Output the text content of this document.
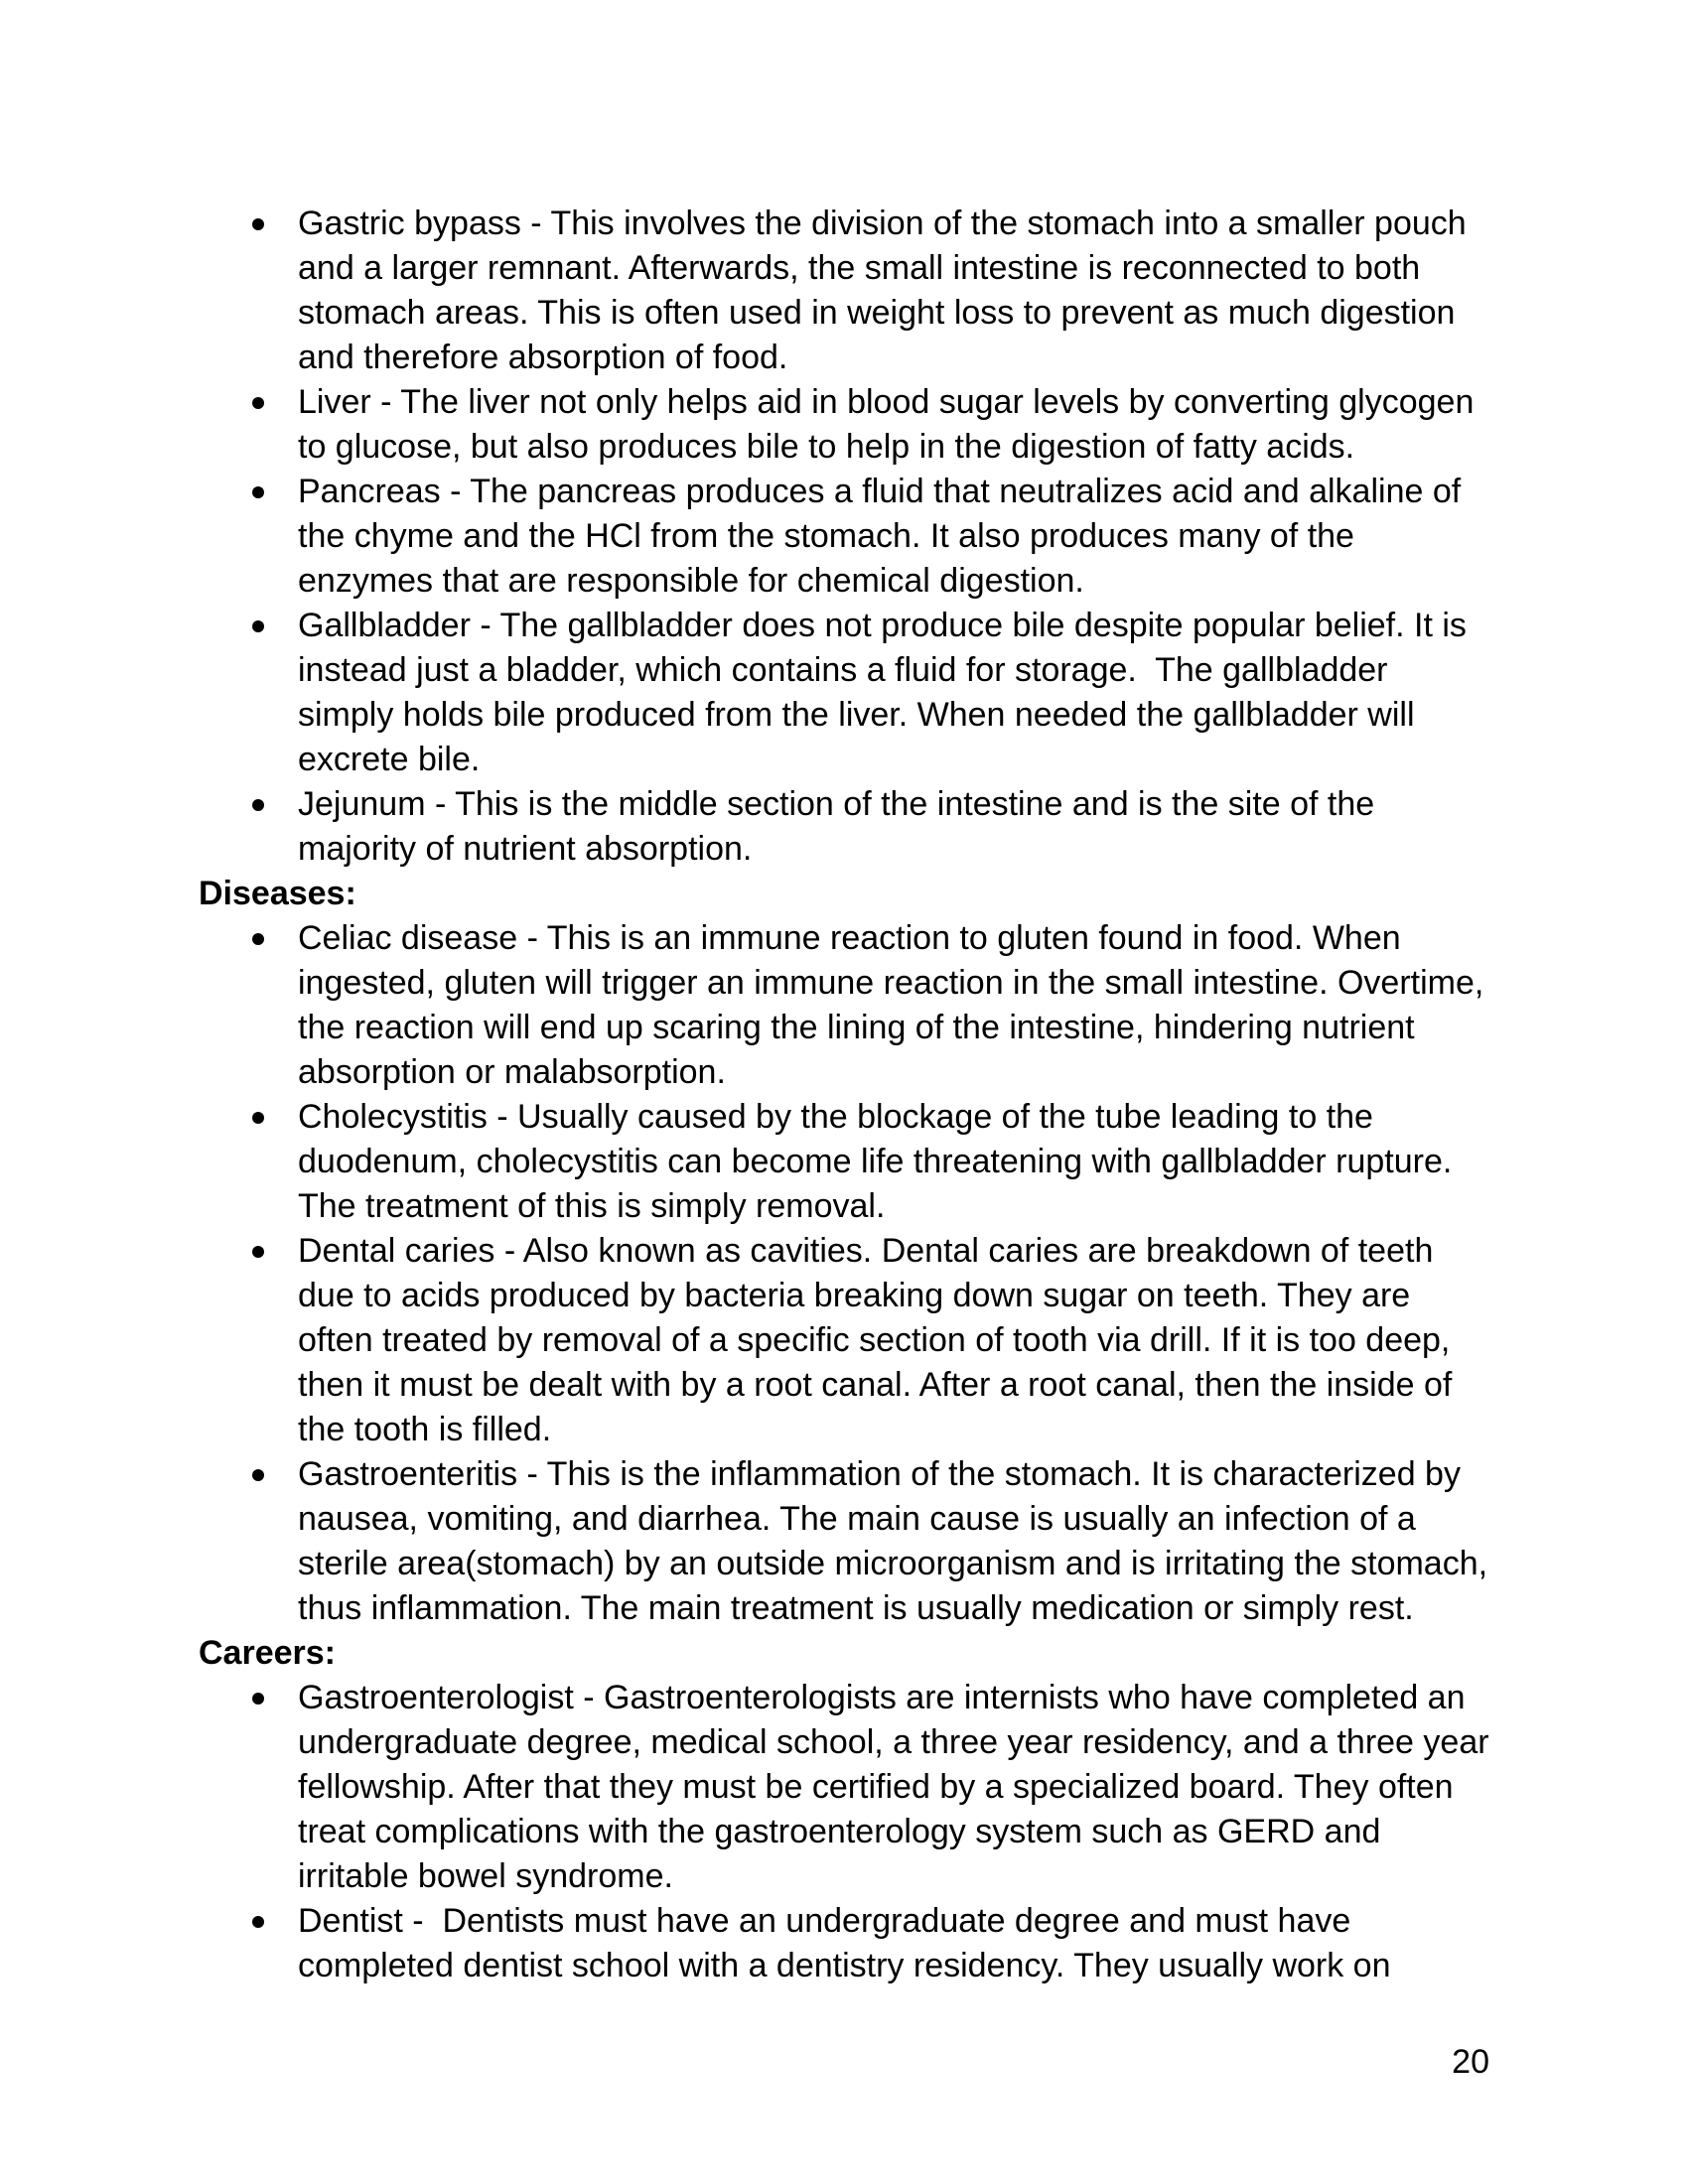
Gastric bypass - This involves the division of the stomach into a smaller pouch and a larger remnant. Afterwards, the small intestine is reconnected to both stomach areas. This is often used in weight loss to prevent as much digestion and therefore absorption of food.
Liver - The liver not only helps aid in blood sugar levels by converting glycogen to glucose, but also produces bile to help in the digestion of fatty acids.
Pancreas - The pancreas produces a fluid that neutralizes acid and alkaline of the chyme and the HCl from the stomach. It also produces many of the enzymes that are responsible for chemical digestion.
Gallbladder - The gallbladder does not produce bile despite popular belief. It is instead just a bladder, which contains a fluid for storage.  The gallbladder simply holds bile produced from the liver. When needed the gallbladder will excrete bile.
Jejunum - This is the middle section of the intestine and is the site of the majority of nutrient absorption.
Diseases:
Celiac disease - This is an immune reaction to gluten found in food. When ingested, gluten will trigger an immune reaction in the small intestine. Overtime, the reaction will end up scaring the lining of the intestine, hindering nutrient absorption or malabsorption.
Cholecystitis - Usually caused by the blockage of the tube leading to the duodenum, cholecystitis can become life threatening with gallbladder rupture. The treatment of this is simply removal.
Dental caries - Also known as cavities. Dental caries are breakdown of teeth due to acids produced by bacteria breaking down sugar on teeth. They are often treated by removal of a specific section of tooth via drill. If it is too deep, then it must be dealt with by a root canal. After a root canal, then the inside of the tooth is filled.
Gastroenteritis - This is the inflammation of the stomach. It is characterized by nausea, vomiting, and diarrhea. The main cause is usually an infection of a sterile area(stomach) by an outside microorganism and is irritating the stomach, thus inflammation. The main treatment is usually medication or simply rest.
Careers:
Gastroenterologist - Gastroenterologists are internists who have completed an undergraduate degree, medical school, a three year residency, and a three year fellowship. After that they must be certified by a specialized board. They often treat complications with the gastroenterology system such as GERD and irritable bowel syndrome.
Dentist -  Dentists must have an undergraduate degree and must have completed dentist school with a dentistry residency. They usually work on
20
